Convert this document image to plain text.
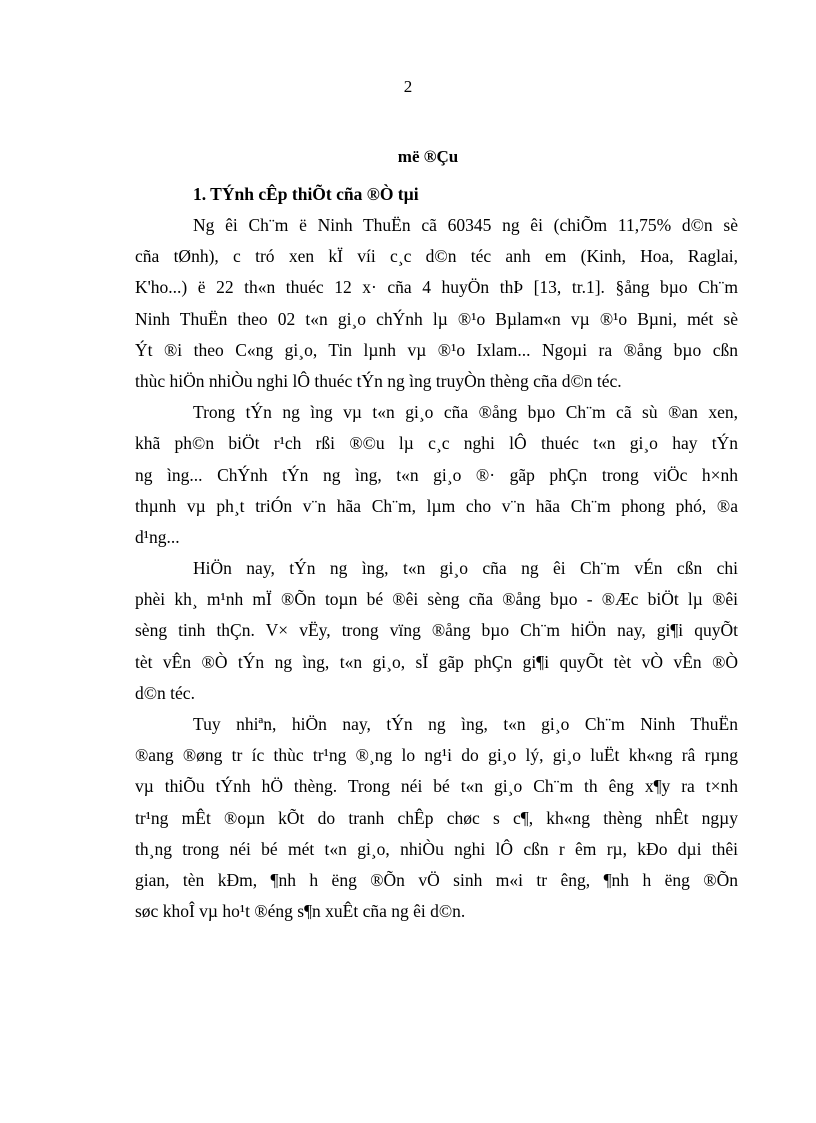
2
më ®Çu
1. TÝnh cÊp thiÕt cña ®Ò tµi
Ng êi Ch¨m ë Ninh ThuËn cã 60345 ng êi (chiÕm 11,75% d©n sè
cña tØnh), c tró xen kÏ víi c¸c d©n téc anh em (Kinh, Hoa, Raglai,
K'ho...) ë 22 th«n thuéc 12 x· cña 4 huyÖn thÞ [13, tr.1]. §ång bµo Ch¨m
Ninh ThuËn theo 02 t«n gi¸o chÝnh lµ ®¹o Bµlam«n vµ ®¹o Bµni, mét sè
Ýt ®i theo C«ng gi¸o, Tin lµnh vµ ®¹o Ixlam... Ngoµi ra ®ång bµo cßn
thùc hiÖn nhiÒu nghi lÔ thuéc tÝn ng ìng truyÒn thèng cña d©n téc.
Trong tÝn ng ìng vµ t«n gi¸o cña ®ång bµo Ch¨m cã sù ®an xen,
khã ph©n biÖt r¹ch rßi ®©u lµ c¸c nghi lÔ thuéc t«n gi¸o hay tÝn
ng ìng... ChÝnh tÝn ng ìng, t«n gi¸o ®· gãp phÇn trong viÖc h×nh
thµnh vµ ph¸t triÓn v¨n hãa Ch¨m, lµm cho v¨n hãa Ch¨m phong phó, ®a
d¹ng...
HiÖn nay, tÝn ng ìng, t«n gi¸o cña ng êi Ch¨m vÉn cßn chi
phèi kh¸ m¹nh mÏ ®Õn toµn bé ®êi sèng cña ®ång bµo - ®Æc biÖt lµ ®êi
sèng tinh thÇn. V× vËy, trong vïng ®ång bµo Ch¨m hiÖn nay, gi¶i quyÕt
tèt vÊn ®Ò tÝn ng ìng, t«n gi¸o, sÏ gãp phÇn gi¶i quyÕt tèt vÒ vÊn ®Ò
d©n téc.
Tuy nhiªn, hiÖn nay, tÝn ng ìng, t«n gi¸o Ch¨m Ninh ThuËn
®ang ®øng tr íc thùc tr¹ng ®¸ng lo ng¹i do gi¸o lý, gi¸o luËt kh«ng râ rµng
vµ thiÕu tÝnh hÖ thèng. Trong néi bé t«n gi¸o Ch¨m th êng x¶y ra t×nh
tr¹ng mÊt ®oµn kÕt do tranh chÊp chøc s c¶, kh«ng thèng nhÊt ngµy
th¸ng trong néi bé mét t«n gi¸o, nhiÒu nghi lÔ cßn r êm rµ, kÐo dµi thêi
gian, tèn kÐm, ¶nh h ëng ®Õn vÖ sinh m«i tr êng, ¶nh h ëng ®Õn
søc khoÎ vµ ho¹t ®éng s¶n xuÊt cña ng êi d©n.
